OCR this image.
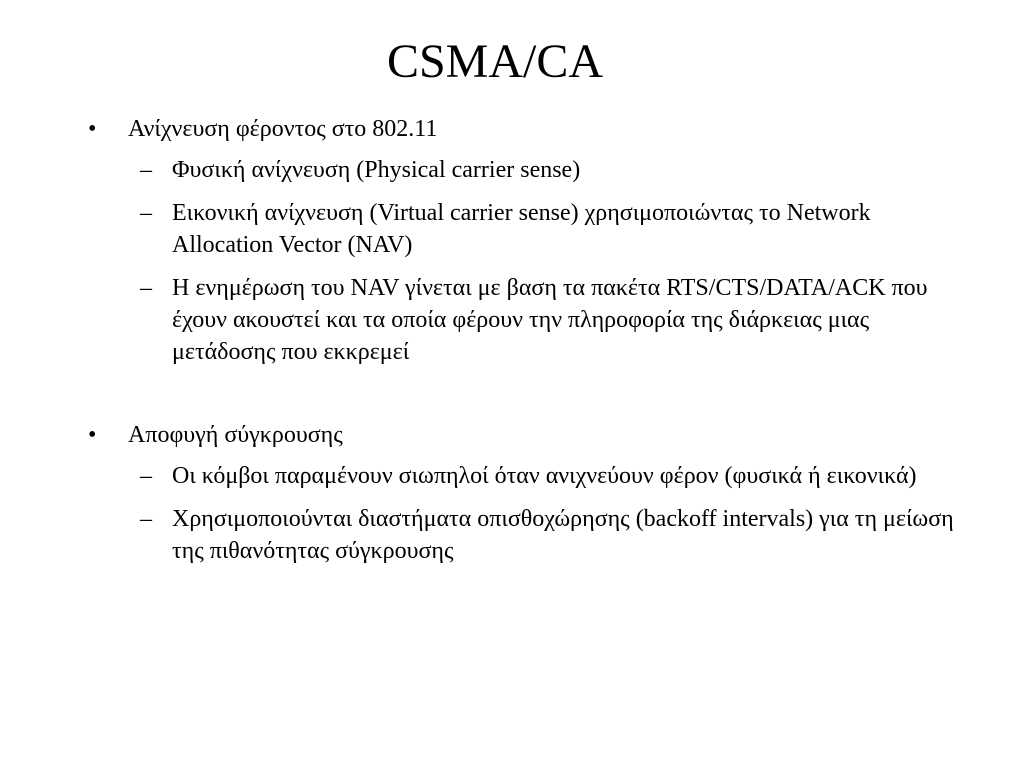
CSMA/CA
• Ανίχνευση φέροντος στο 802.11
– Φυσική ανίχνευση (Physical carrier sense)
– Εικονική ανίχνευση (Virtual carrier sense) χρησιμοποιώντας το Network Allocation Vector (NAV)
– Η ενημέρωση του NAV γίνεται με βαση τα πακέτα RTS/CTS/DATA/ACK που έχουν ακουστεί και τα οποία φέρουν την πληροφορία της διάρκειας μιας μετάδοσης που εκκρεμεί
• Αποφυγή σύγκρουσης
– Οι κόμβοι παραμένουν σιωπηλοί όταν ανιχνεύουν φέρον (φυσικά ή εικονικά)
– Χρησιμοποιούνται διαστήματα οπισθοχώρησης (backoff intervals) για τη μείωση της πιθανότητας σύγκρουσης
